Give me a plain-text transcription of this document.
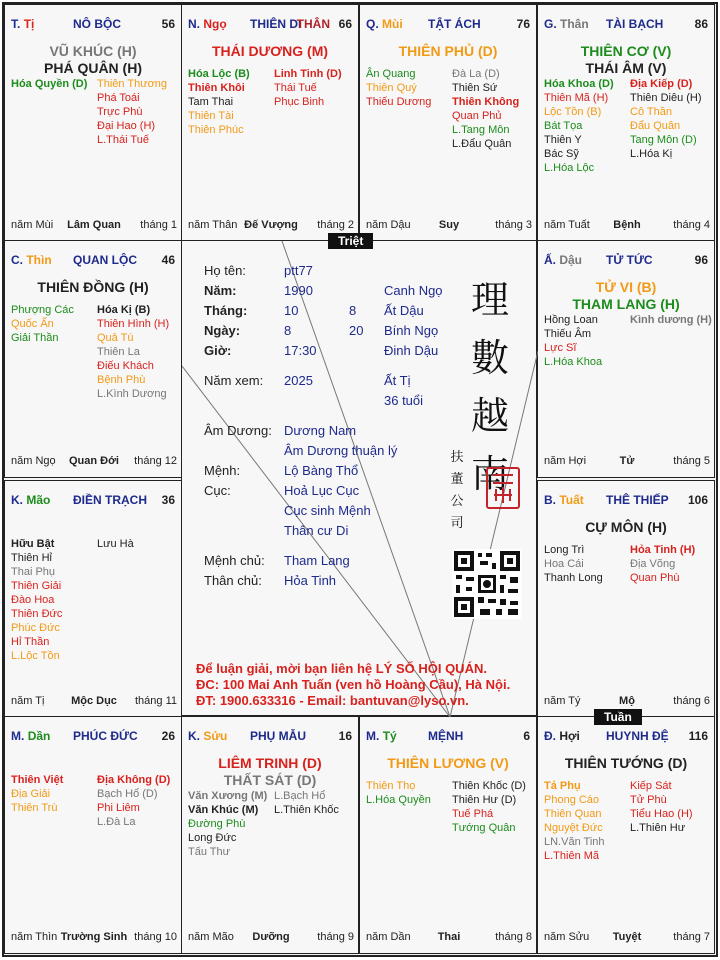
T. Tị	NÔ BỘC	56
VŨ KHÚC (H)
PHÁ QUÂN (H)
Hóa Quyền (D) Thiên Thương
Phá Toái
Trực Phù
Đại Hao (H)
L.Thái Tuế
năm Mùi	Lâm Quan	tháng 1
N. Ngọ THIÊN DI
THÂN 66
THÁI DƯƠNG (M)
Hóa Lộc (B)
Thiên Khôi
Tam Thai
Thiên Tài
Thiên Phúc
Linh Tinh (D)
Thái Tuế
Phục Binh
năm Thân Đế Vượng	tháng 2
Q. Mùi TẬT ÁCH	76
THIÊN PHỦ (D)
Ân Quang
Thiên Quý
Thiếu Dương
Đà La (D)
Thiên Sứ
Thiên Không
Quan Phủ
L.Tang Môn
L.Đẩu Quân
năm Dậu	Suy	tháng 3
G. Thân TÀI BẠCH	86
THIÊN CƠ (V)
THÁI ÂM (V)
Hóa Khoa (D)
Thiên Mã (H)
Lộc Tồn (B)
Bát Tọa
Thiên Y
Bác Sỹ
L.Hóa Lộc
Địa Kiếp (D)
Thiên Diêu (H)
Cô Thần
Đẩu Quân
Tang Môn (D)
L.Hóa Kị
năm Tuất	Bệnh	tháng 4
C. Thìn QUAN LỘC 46
THIÊN ĐỒNG (H)
Phượng Các
Quốc Ấn
Giải Thần
Hóa Kị (B)
Thiên Hình (H)
Quả Tú
Thiên La
Điếu Khách
Bệnh Phù
L.Kình Dương
năm Ngọ	Quan Đới	tháng 12
Ấ. Dậu TỬ TỨC	96
TỬ VI (B)
THAM LANG (H)
Hồng Loan
Thiếu Âm
Lực Sĩ
L.Hóa Khoa
Kình dương (H)
năm Hợi	Tử	tháng 5
K. Mão ĐIỀN TRẠCH 36
Hữu Bật
Thiên Hỉ
Thai Phụ
Thiên Giải
Đào Hoa
Thiên Đức
Phúc Đức
Hỉ Thần
L.Lộc Tồn
Lưu Hà
năm Tị	Mộc Dục	tháng 11
B. Tuất THÊ THIẾP 106
CỰ MÔN (H)
Long Trì
Hoa Cái
Thanh Long
Hỏa Tinh (H)
Địa Võng
Quan Phù
năm Tý	Mộ	tháng 6
M. Dần PHÚC ĐỨC 26
Thiên Việt
Địa Giải
Thiên Trù
Địa Không (D)
Bạch Hổ (D)
Phi Liêm
L.Đà La
năm Thìn Trường Sinh tháng 10
K. Sửu PHỤ MẪU	16
LIÊM TRINH (D)
THẤT SÁT (D)
Văn Xương (M)
Văn Khúc (M)
Đường Phù
Long Đức
Tấu Thư
L.Bạch Hổ
L.Thiên Khốc
năm Mão	Dưỡng	tháng 9
M. Tý	MỆNH	6
THIÊN LƯƠNG (V)
Thiên Thọ
L.Hóa Quyền
Thiên Khốc (D)
Thiên Hư (D)
Tuế Phá
Tướng Quân
năm Dần	Thai	tháng 8
Đ. Hợi HUYNH ĐỆ 116
THIÊN TƯỚNG (D)
Tả Phụ
Phong Cáo
Thiên Quan
Nguyệt Đức
LN.Văn Tinh
L.Thiên Mã
Kiếp Sát
Tử Phù
Tiểu Hao (H)
L.Thiên Hư
năm Sửu	Tuyệt	tháng 7
Họ tên:	ptt77
Năm:	1990	Canh Ngọ
Tháng:	10	8 Ất Dậu
Ngày:	8	20 Bính Ngọ
Giờ:	17:30	Đinh Dậu
Năm xem: 2025	Ất Tị
36 tuổi
Âm Dương: Dương Nam
Âm Dương thuận lý
Mệnh:	Lộ Bàng Thổ
Cục:	Hoả Lục Cục
Cục sinh Mệnh
Thân cư Di
Mệnh chủ: Tham Lang
Thân chủ: Hỏa Tinh
理
數
越
南
扶
董
公
司
Để luận giải, mời bạn liên hệ LÝ SỐ HỘI QUÁN.
ĐC: 100 Mai Anh Tuấn (ven hồ Hoàng Cầu), Hà Nội.
ĐT: 1900.633316 - Email: bantuvan@lyso.vn.
Triệt
Tuần
